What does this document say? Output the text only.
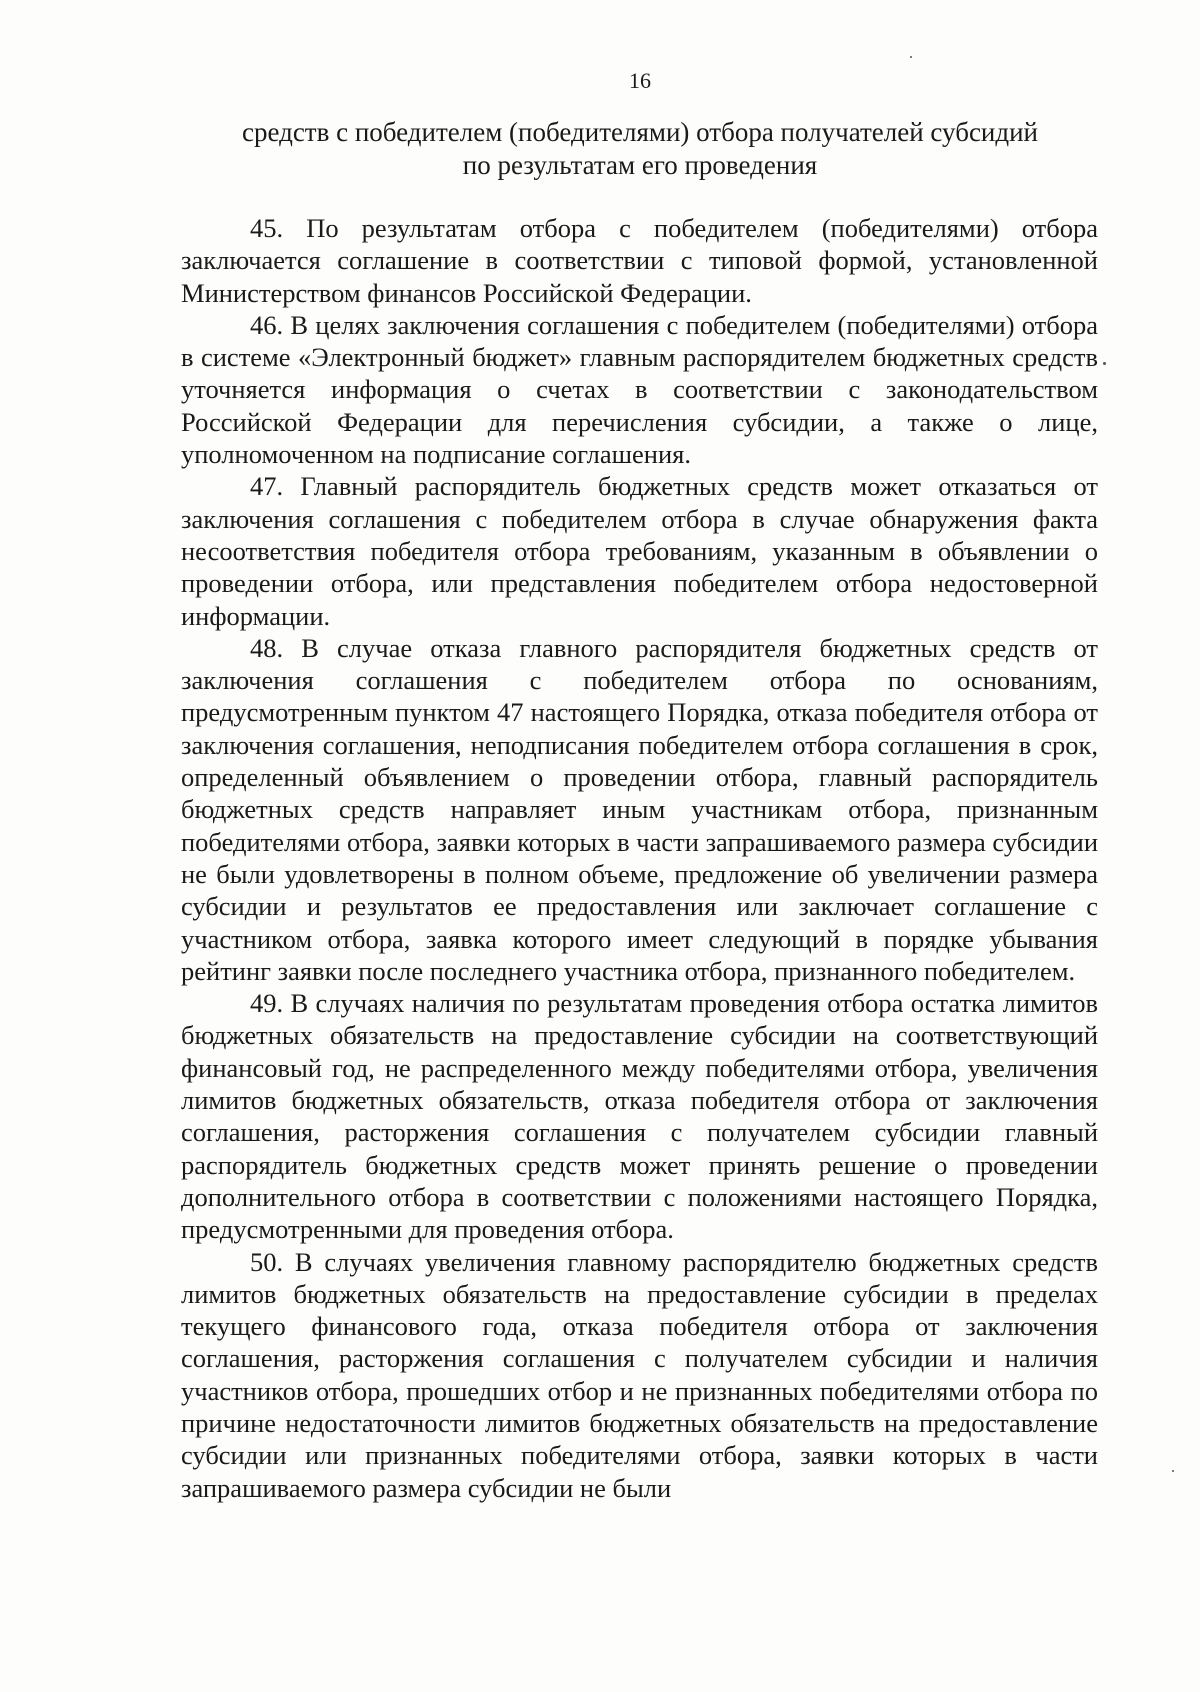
16
средств с победителем (победителями) отбора получателей субсидий
по результатам его проведения

45. По результатам отбора с победителем (победителями) отбора заключается соглашение в соответствии с типовой формой, установленной Министерством финансов Российской Федерации.

46. В целях заключения соглашения с победителем (победителями) отбора в системе «Электронный бюджет» главным распорядителем бюджетных средств уточняется информация о счетах в соответствии с законодательством Российской Федерации для перечисления субсидии, а также о лице, уполномоченном на подписание соглашения.

47. Главный распорядитель бюджетных средств может отказаться от заключения соглашения с победителем отбора в случае обнаружения факта несоответствия победителя отбора требованиям, указанным в объявлении о проведении отбора, или представления победителем отбора недостоверной информации.

48. В случае отказа главного распорядителя бюджетных средств от заключения соглашения с победителем отбора по основаниям, предусмотренным пунктом 47 настоящего Порядка, отказа победителя отбора от заключения соглашения, неподписания победителем отбора соглашения в срок, определенный объявлением о проведении отбора, главный распорядитель бюджетных средств направляет иным участникам отбора, признанным победителями отбора, заявки которых в части запрашиваемого размера субсидии не были удовлетворены в полном объеме, предложение об увеличении размера субсидии и результатов ее предоставления или заключает соглашение с участником отбора, заявка которого имеет следующий в порядке убывания рейтинг заявки после последнего участника отбора, признанного победителем.

49. В случаях наличия по результатам проведения отбора остатка лимитов бюджетных обязательств на предоставление субсидии на соответствующий финансовый год, не распределенного между победителями отбора, увеличения лимитов бюджетных обязательств, отказа победителя отбора от заключения соглашения, расторжения соглашения с получателем субсидии главный распорядитель бюджетных средств может принять решение о проведении дополнительного отбора в соответствии с положениями настоящего Порядка, предусмотренными для проведения отбора.

50. В случаях увеличения главному распорядителю бюджетных средств лимитов бюджетных обязательств на предоставление субсидии в пределах текущего финансового года, отказа победителя отбора от заключения соглашения, расторжения соглашения с получателем субсидии и наличия участников отбора, прошедших отбор и не признанных победителями отбора по причине недостаточности лимитов бюджетных обязательств на предоставление субсидии или признанных победителями отбора, заявки которых в части запрашиваемого размера субсидии не были
